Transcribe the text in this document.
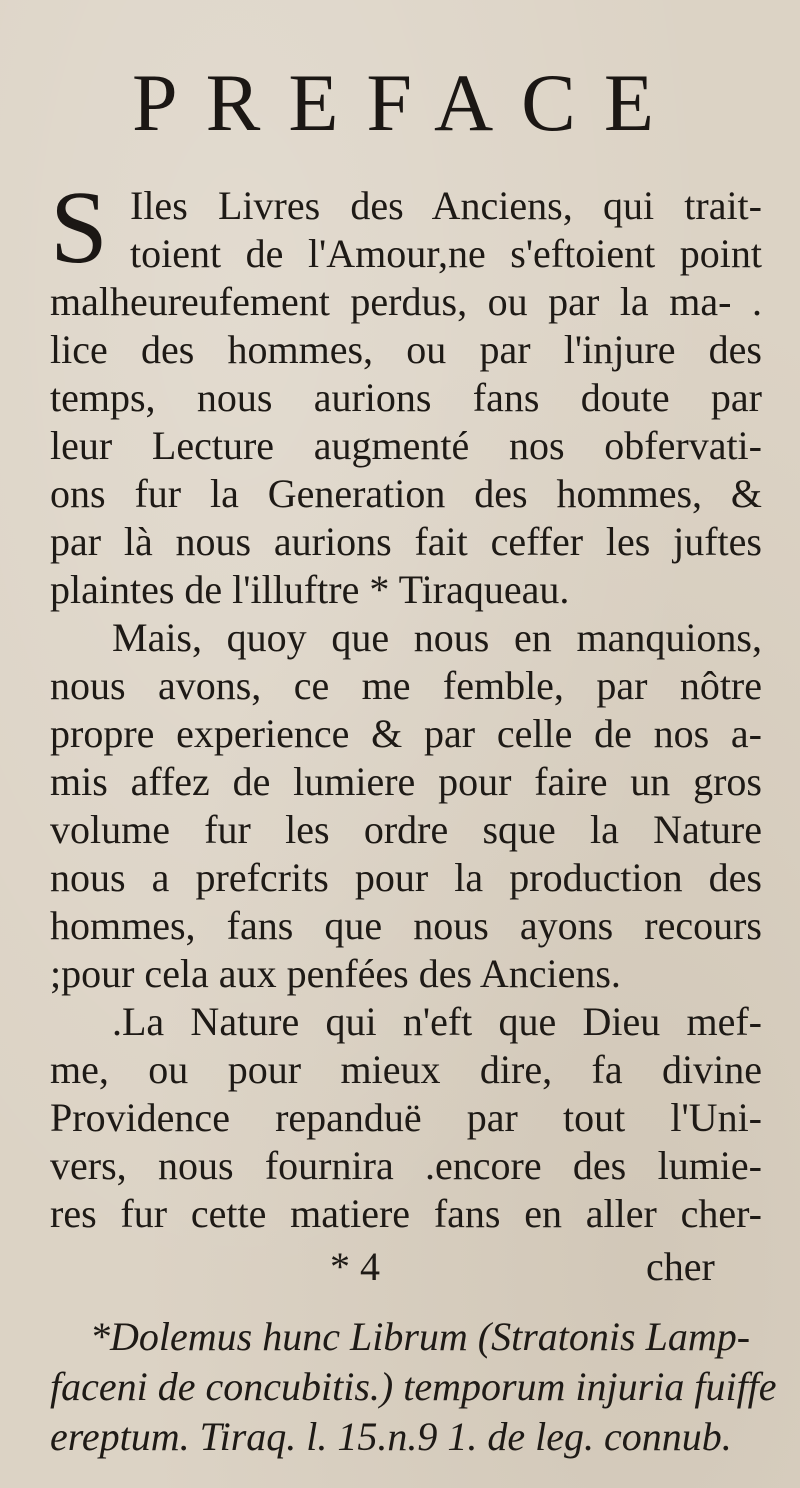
PREFACE
S Iles Livres des Anciens, qui trait-
toient de l'Amour,ne s'eftoient point
malheureufement perdus, ou par la ma- .
lice des hommes, ou par l'injure des
temps, nous aurions fans doute par
leur Lecture augmenté nos obfervati-
ons fur la Generation des hommes, &
par là nous aurions fait ceffer les juftes
plaintes de l'illuftre * Tiraqueau.
Mais, quoy que nous en manquions,
nous avons, ce me femble, par nôtre
propre experience & par celle de nos a-
mis affez de lumiere pour faire un gros
volume fur les ordre sque la Nature
nous a prefcrits pour la production des
hommes, fans que nous ayons recours
;pour cela aux penfées des Anciens.
.La Nature qui n'eft que Dieu mef-
me, ou pour mieux dire, fa divine
Providence repanduë par tout l'Uni-
vers, nous fournira .encore des lumie-
res fur cette matiere fans en aller cher-
* 4	cher
*Dolemus hunc Librum (Stratonis Lamp-
faceni de concubitis.) temporum injuria fuiffe
ereptum. Tiraq. l. 15.n.9 1. de leg. connub.
